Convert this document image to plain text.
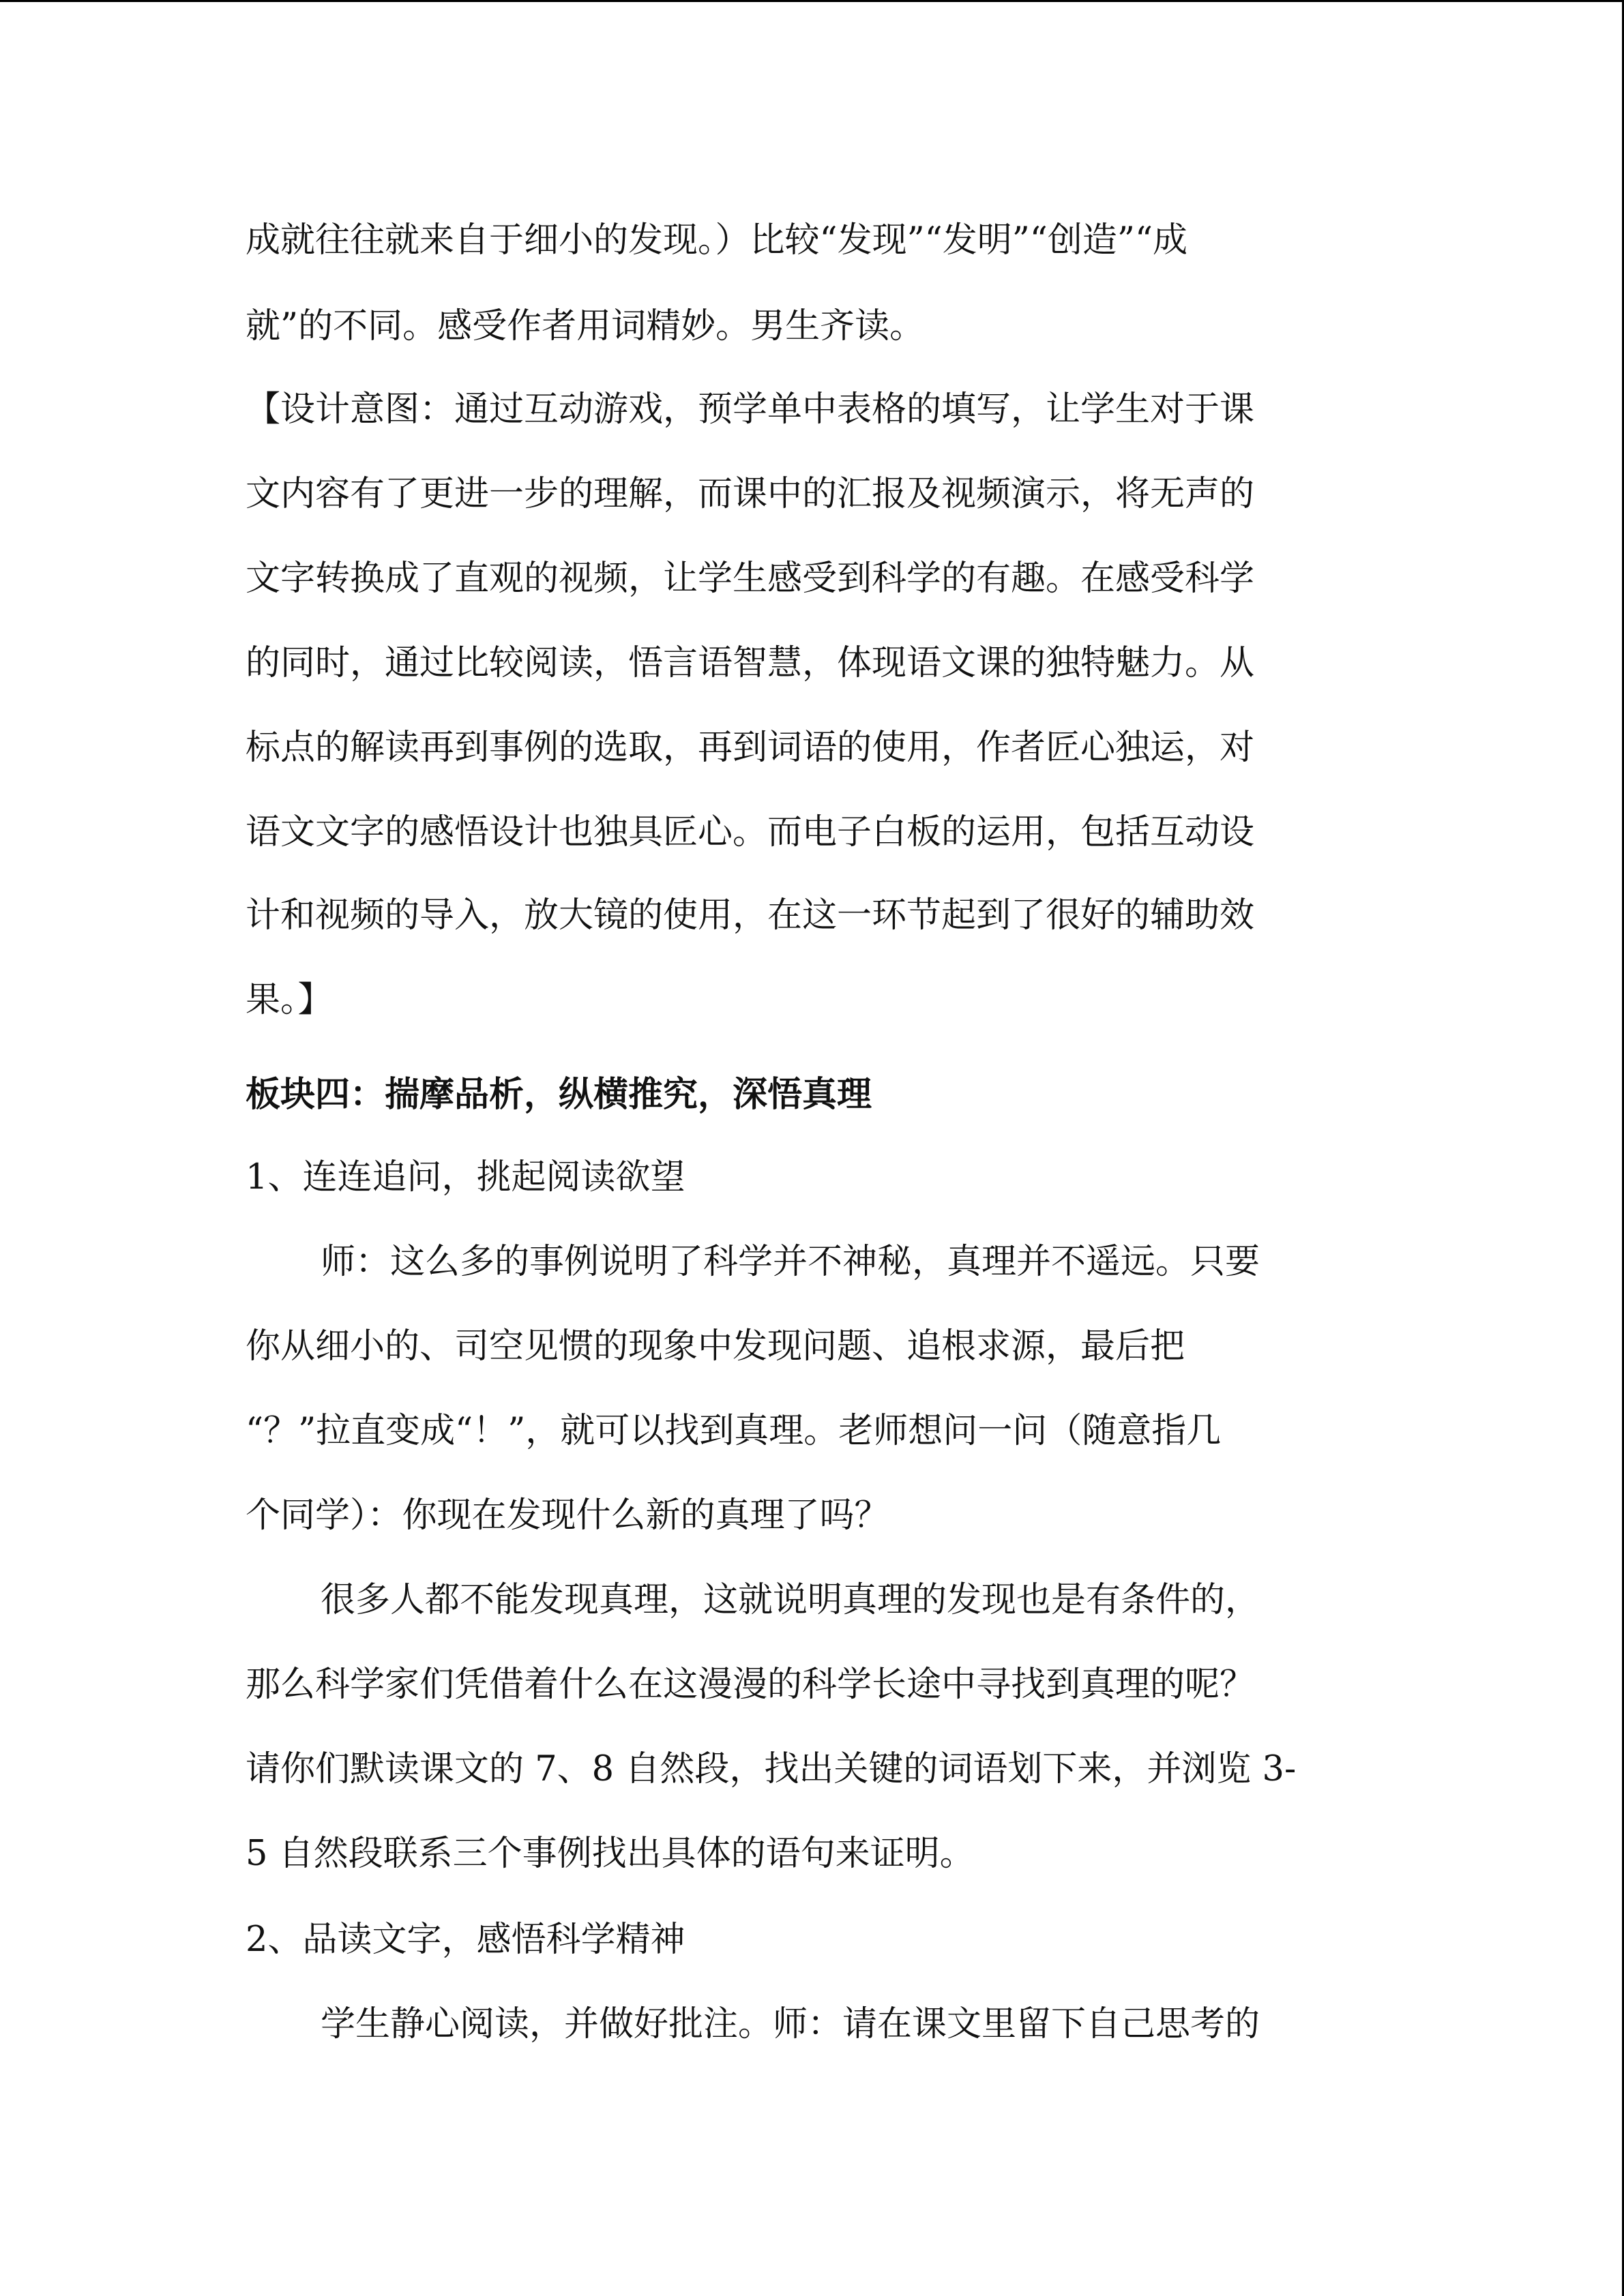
成就往往就来自于细小的发现。）比较“发现”“发明”“创造”“成
就”的不同。感受作者用词精妙。男生齐读。
【设计意图：通过互动游戏，预学单中表格的填写，让学生对于课
文内容有了更进一步的理解，而课中的汇报及视频演示，将无声的
文字转换成了直观的视频，让学生感受到科学的有趣。在感受科学
的同时，通过比较阅读，悟言语智慧，体现语文课的独特魅力。从
标点的解读再到事例的选取，再到词语的使用，作者匠心独运，对
语文文字的感悟设计也独具匠心。而电子白板的运用，包括互动设
计和视频的导入，放大镜的使用，在这一环节起到了很好的辅助效
果。】
板块四：揣摩品析，纵横推究，深悟真理
1、连连追问，挑起阅读欲望
师：这么多的事例说明了科学并不神秘，真理并不遥远。只要
你从细小的、司空见惯的现象中发现问题、追根求源，最后把
“？”拉直变成“！”，就可以找到真理。老师想问一问（随意指几
个同学）：你现在发现什么新的真理了吗？
很多人都不能发现真理，这就说明真理的发现也是有条件的，
那么科学家们凭借着什么在这漫漫的科学长途中寻找到真理的呢？
请你们默读课文的 7、8 自然段，找出关键的词语划下来，并浏览 3-
5 自然段联系三个事例找出具体的语句来证明。
2、品读文字，感悟科学精神
学生静心阅读，并做好批注。师：请在课文里留下自己思考的
